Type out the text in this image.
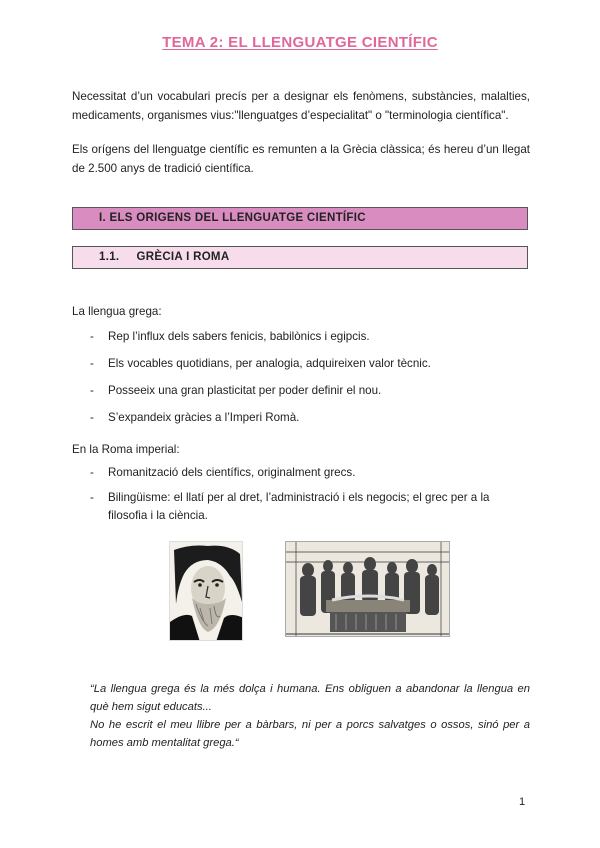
TEMA 2: EL LLENGUATGE CIENTÍFIC

Necessitat d’un vocabulari precís per a designar els fenòmens, substàncies, malalties, medicaments, organismes vius:"llenguatges d’especialitat" o "terminologia científica".

Els orígens del llenguatge científic es remunten a la Grècia clàssica; és hereu d’un llegat de 2.500 anys de tradició científica.

I. ELS ORIGENS DEL LLENGUATGE CIENTÍFIC
1.1. GRÈCIA I ROMA
La llengua grega:
- Rep l’influx dels sabers fenicis, babilònics i egipcis.
- Els vocables quotidians, per analogia, adquireixen valor tècnic.
- Posseeix una gran plasticitat per poder definir el nou.
- S’expandeix gràcies a l’Imperi Romà.
En la Roma imperial:
- Romanització dels científics, originalment grecs.
- Bilingüisme: el llatí per al dret, l’administració i els negocis; el grec per a la filosofia i la ciència.
“La llengua grega és la més dolça i humana. Ens obliguen a abandonar la llengua en què hem sigut educats...
No he escrit el meu llibre per a bàrbars, ni per a porcs salvatges o ossos, sinó per a homes amb mentalitat grega.“
1
